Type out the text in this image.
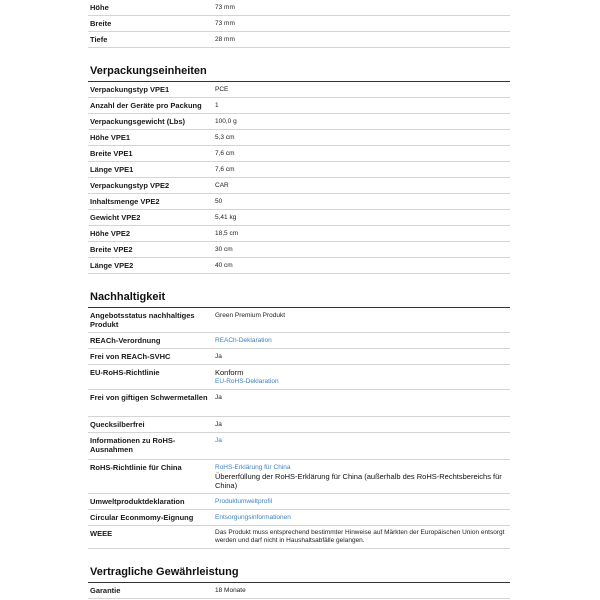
Höhe	73 mm
Breite	73 mm
Tiefe	28 mm
Verpackungseinheiten
Verpackungstyp VPE1	PCE
Anzahl der Geräte pro Packung	1
Verpackungsgewicht (Lbs)	100,0 g
Höhe VPE1	5,3 cm
Breite VPE1	7,6 cm
Länge VPE1	7,6 cm
Verpackungstyp VPE2	CAR
Inhaltsmenge VPE2	50
Gewicht VPE2	5,41 kg
Höhe VPE2	18,5 cm
Breite VPE2	30 cm
Länge VPE2	40 cm
Nachhaltigkeit
Angebotsstatus nachhaltiges Produkt	Green Premium Produkt
REACh-Verordnung	REACh-Deklaration
Frei von REACh-SVHC	Ja
EU-RoHS-Richtlinie	Konform
EU-RoHS-Deklaration

Frei von giftigen Schwermetallen	Ja
Quecksilberfrei	Ja
Informationen zu RoHS-Ausnahmen	Ja
RoHS-Richtlinie für China	RoHS-Erklärung für China
Übererfüllung der RoHS-Erklärung für China (außerhalb des RoHS-Rechtsbereichs für China)

Umweltproduktdeklaration	Produktumweltprofil
Circular Econmomy-Eignung	Entsorgungsinformationen
WEEE	Das Produkt muss entsprechend bestimmter Hinweise auf Märkten der Europäischen Union entsorgt werden und darf nicht in Haushaltsabfälle gelangen.
Vertragliche Gewährleistung
Garantie	18 Monate
